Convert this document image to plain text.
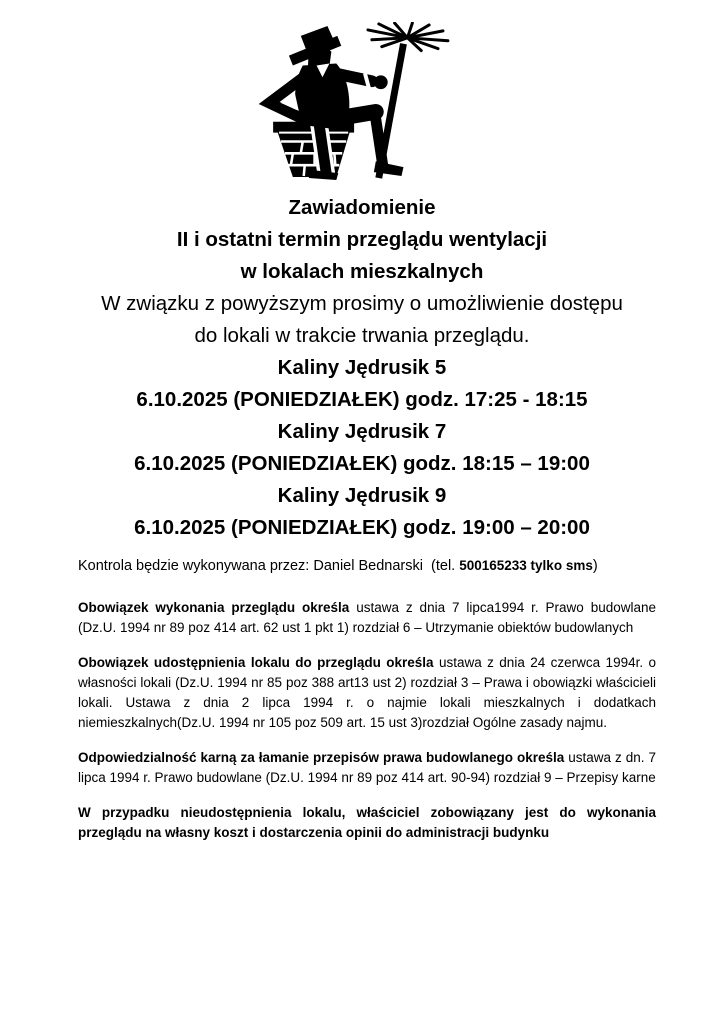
Zawiadomienie
II i ostatni termin przeglądu wentylacji
w lokalach mieszkalnych
W związku z powyższym prosimy o umożliwienie dostępu
do lokali w trakcie trwania przeglądu.
Kaliny Jędrusik 5
6.10.2025 (PONIEDZIAŁEK) godz. 17:25 - 18:15
Kaliny Jędrusik 7
6.10.2025 (PONIEDZIAŁEK) godz. 18:15 – 19:00
Kaliny Jędrusik 9
6.10.2025 (PONIEDZIAŁEK) godz. 19:00 – 20:00
Kontrola będzie wykonywana przez: Daniel Bednarski  (tel. 500165233 tylko sms)

Obowiązek wykonania przeglądu określa ustawa z dnia 7 lipca1994 r. Prawo budowlane (Dz.U. 1994 nr 89 poz 414 art. 62 ust 1 pkt 1) rozdział 6 – Utrzymanie obiektów budowlanych

Obowiązek udostępnienia lokalu do przeglądu określa ustawa z dnia 24 czerwca 1994r. o własności lokali (Dz.U. 1994 nr 85 poz 388 art13 ust 2) rozdział 3 – Prawa i obowiązki właścicieli lokali. Ustawa z dnia 2 lipca 1994 r. o najmie lokali mieszkalnych i dodatkach niemieszkalnych(Dz.U. 1994 nr 105 poz 509 art. 15 ust 3)rozdział Ogólne zasady najmu.

Odpowiedzialność karną za łamanie przepisów prawa budowlanego określa ustawa z dn. 7 lipca 1994 r. Prawo budowlane (Dz.U. 1994 nr 89 poz 414 art. 90-94) rozdział 9 – Przepisy karne

W przypadku nieudostępnienia lokalu, właściciel zobowiązany jest do wykonania przeglądu na własny koszt i dostarczenia opinii do administracji budynku
